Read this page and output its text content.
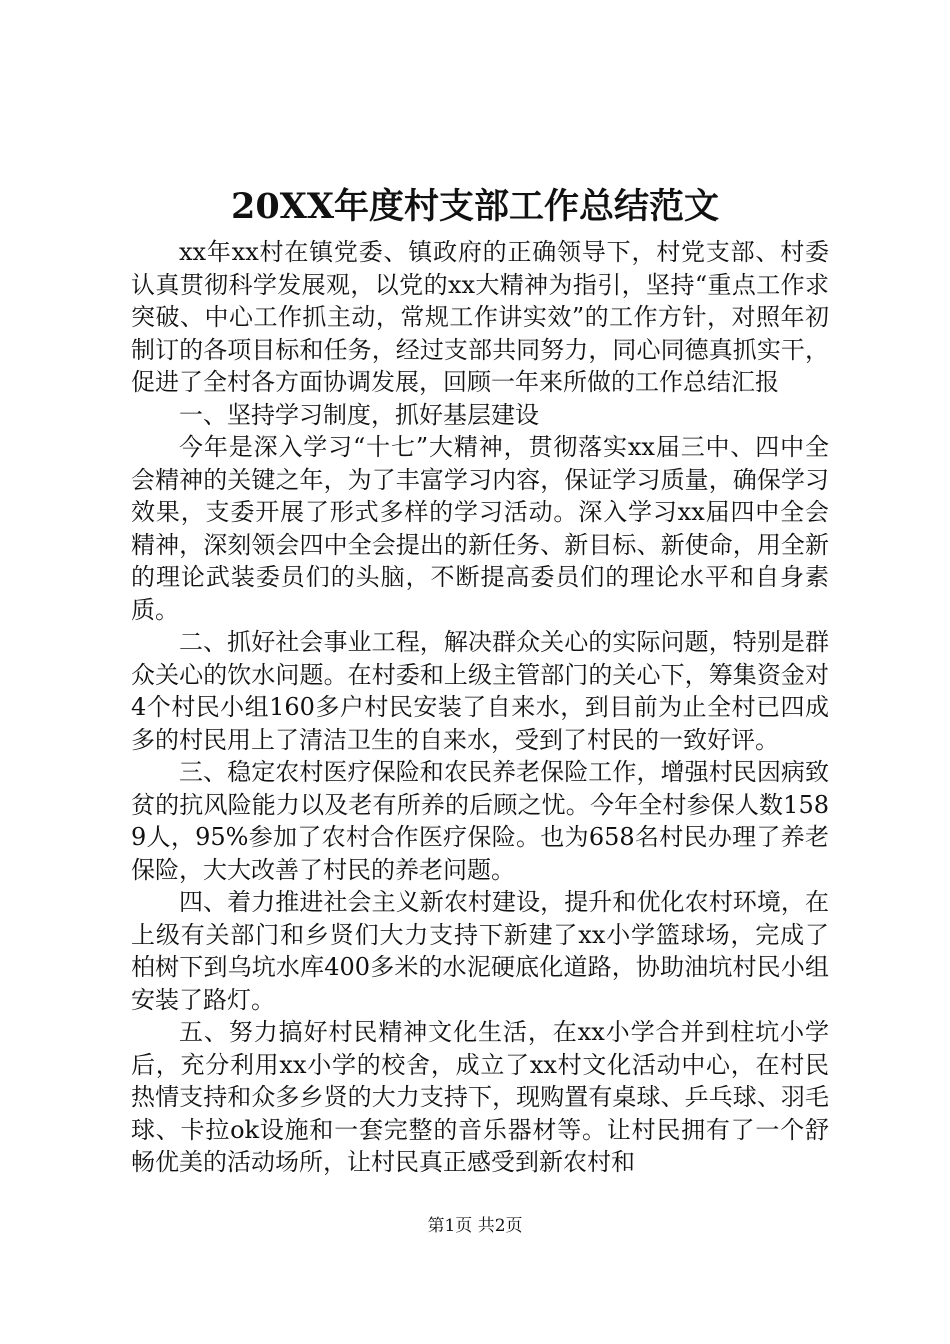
20XX年度村支部工作总结范文

xx年xx村在镇党委、镇政府的正确领导下，村党支部、村委认真贯彻科学发展观，以党的xx大精神为指引，坚持“重点工作求突破、中心工作抓主动，常规工作讲实效”的工作方针，对照年初制订的各项目标和任务，经过支部共同努力，同心同德真抓实干，促进了全村各方面协调发展，回顾一年来所做的工作总结汇报

一、坚持学习制度，抓好基层建设

今年是深入学习“十七”大精神，贯彻落实xx届三中、四中全会精神的关键之年，为了丰富学习内容，保证学习质量，确保学习效果，支委开展了形式多样的学习活动。深入学习xx届四中全会精神，深刻领会四中全会提出的新任务、新目标、新使命，用全新的理论武装委员们的头脑，不断提高委员们的理论水平和自身素质。

二、抓好社会事业工程，解决群众关心的实际问题，特别是群众关心的饮水问题。在村委和上级主管部门的关心下，筹集资金对4个村民小组160多户村民安装了自来水，到目前为止全村已四成多的村民用上了清洁卫生的自来水，受到了村民的一致好评。

三、稳定农村医疗保险和农民养老保险工作，增强村民因病致贫的抗风险能力以及老有所养的后顾之忧。今年全村参保人数1589人，95%参加了农村合作医疗保险。也为658名村民办理了养老保险，大大改善了村民的养老问题。

四、着力推进社会主义新农村建设，提升和优化农村环境，在上级有关部门和乡贤们大力支持下新建了xx小学篮球场，完成了柏树下到乌坑水库400多米的水泥硬底化道路，协助油坑村民小组安装了路灯。

五、努力搞好村民精神文化生活，在xx小学合并到柱坑小学后，充分利用xx小学的校舍，成立了xx村文化活动中心，在村民热情支持和众多乡贤的大力支持下，现购置有桌球、乒乓球、羽毛球、卡拉ok设施和一套完整的音乐器材等。让村民拥有了一个舒畅优美的活动场所，让村民真正感受到新农村和

第1页 共2页
